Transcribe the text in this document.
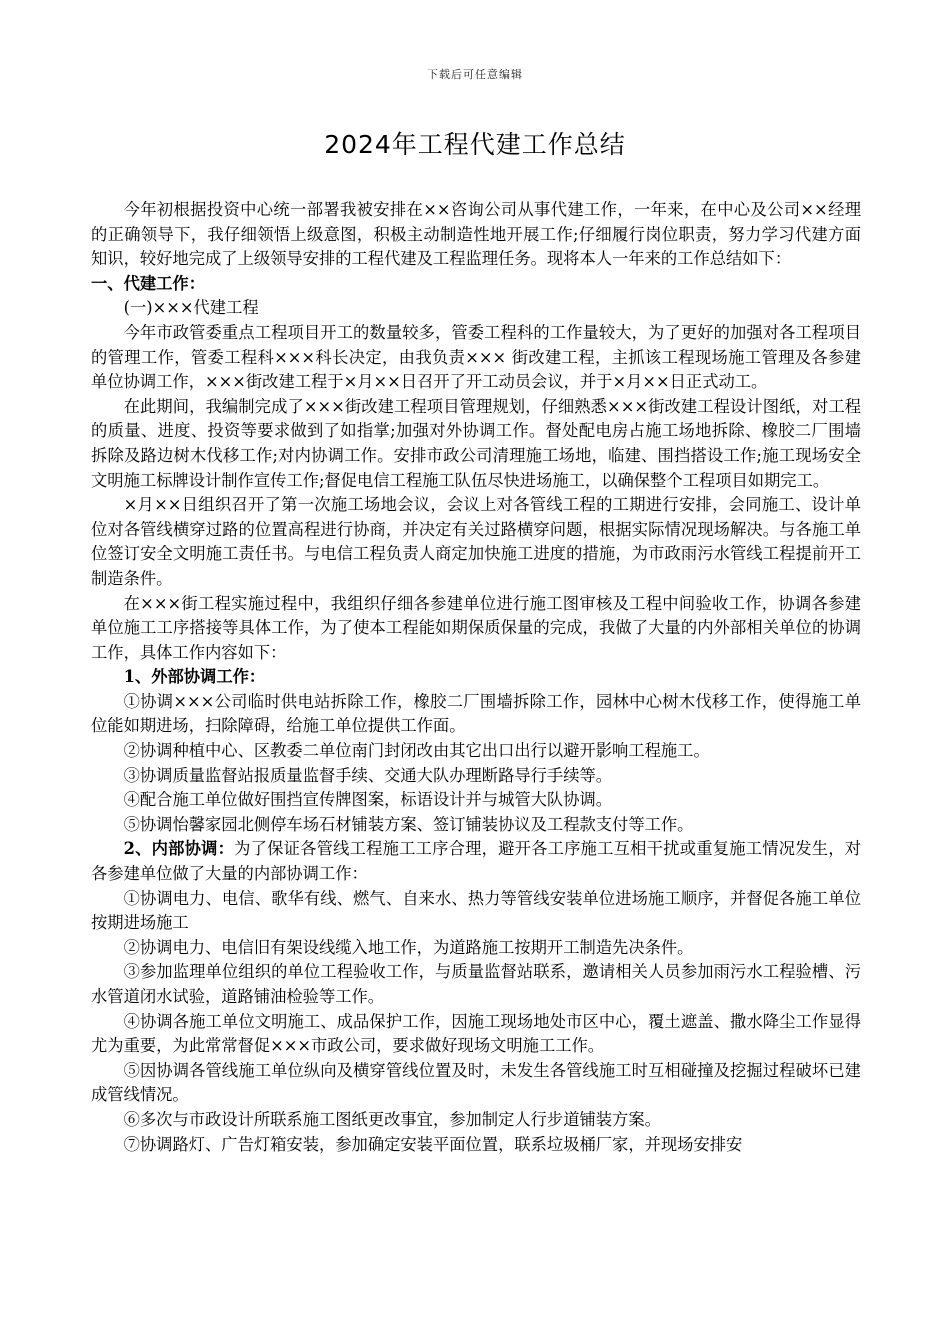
下载后可任意编辑
2024年工程代建工作总结

今年初根据投资中心统一部署我被安排在××咨询公司从事代建工作，一年来，在中心及公司××经理的正确领导下，我仔细领悟上级意图，积极主动制造性地开展工作;仔细履行岗位职责，努力学习代建方面知识，较好地完成了上级领导安排的工程代建及工程监理任务。现将本人一年来的工作总结如下：

一、代建工作：

(一)×××代建工程

今年市政管委重点工程项目开工的数量较多，管委工程科的工作量较大，为了更好的加强对各工程项目的管理工作，管委工程科×××科长决定，由我负责××× 街改建工程，主抓该工程现场施工管理及各参建单位协调工作，×××街改建工程于×月××日召开了开工动员会议，并于×月××日正式动工。

在此期间，我编制完成了×××街改建工程项目管理规划，仔细熟悉×××街改建工程设计图纸，对工程的质量、进度、投资等要求做到了如指掌;加强对外协调工作。督处配电房占施工场地拆除、橡胶二厂围墙拆除及路边树木伐移工作;对内协调工作。安排市政公司清理施工场地，临建、围挡搭设工作;施工现场安全文明施工标牌设计制作宣传工作;督促电信工程施工队伍尽快进场施工，以确保整个工程项目如期完工。

×月××日组织召开了第一次施工场地会议，会议上对各管线工程的工期进行安排，会同施工、设计单位对各管线横穿过路的位置高程进行协商，并决定有关过路横穿问题，根据实际情况现场解决。与各施工单位签订安全文明施工责任书。与电信工程负责人商定加快施工进度的措施，为市政雨污水管线工程提前开工制造条件。

在×××街工程实施过程中，我组织仔细各参建单位进行施工图审核及工程中间验收工作，协调各参建单位施工工序搭接等具体工作，为了使本工程能如期保质保量的完成，我做了大量的内外部相关单位的协调工作，具体工作内容如下：

1、外部协调工作：

①协调×××公司临时供电站拆除工作，橡胶二厂围墙拆除工作，园林中心树木伐移工作，使得施工单位能如期进场，扫除障碍，给施工单位提供工作面。

②协调种植中心、区教委二单位南门封闭改由其它出口出行以避开影响工程施工。

③协调质量监督站报质量监督手续、交通大队办理断路导行手续等。

④配合施工单位做好围挡宣传牌图案，标语设计并与城管大队协调。

⑤协调怡馨家园北侧停车场石材铺装方案、签订铺装协议及工程款支付等工作。

2、内部协调：为了保证各管线工程施工工序合理，避开各工序施工互相干扰或重复施工情况发生，对各参建单位做了大量的内部协调工作：

①协调电力、电信、歌华有线、燃气、自来水、热力等管线安装单位进场施工顺序，并督促各施工单位按期进场施工

②协调电力、电信旧有架设线缆入地工作，为道路施工按期开工制造先决条件。

③参加监理单位组织的单位工程验收工作，与质量监督站联系，邀请相关人员参加雨污水工程验槽、污水管道闭水试验，道路铺油检验等工作。

④协调各施工单位文明施工、成品保护工作，因施工现场地处市区中心，覆土遮盖、撒水降尘工作显得尤为重要，为此常常督促×××市政公司，要求做好现场文明施工工作。

⑤因协调各管线施工单位纵向及横穿管线位置及时，未发生各管线施工时互相碰撞及挖掘过程破坏已建成管线情况。

⑥多次与市政设计所联系施工图纸更改事宜，参加制定人行步道铺装方案。

⑦协调路灯、广告灯箱安装，参加确定安装平面位置，联系垃圾桶厂家，并现场安排安
